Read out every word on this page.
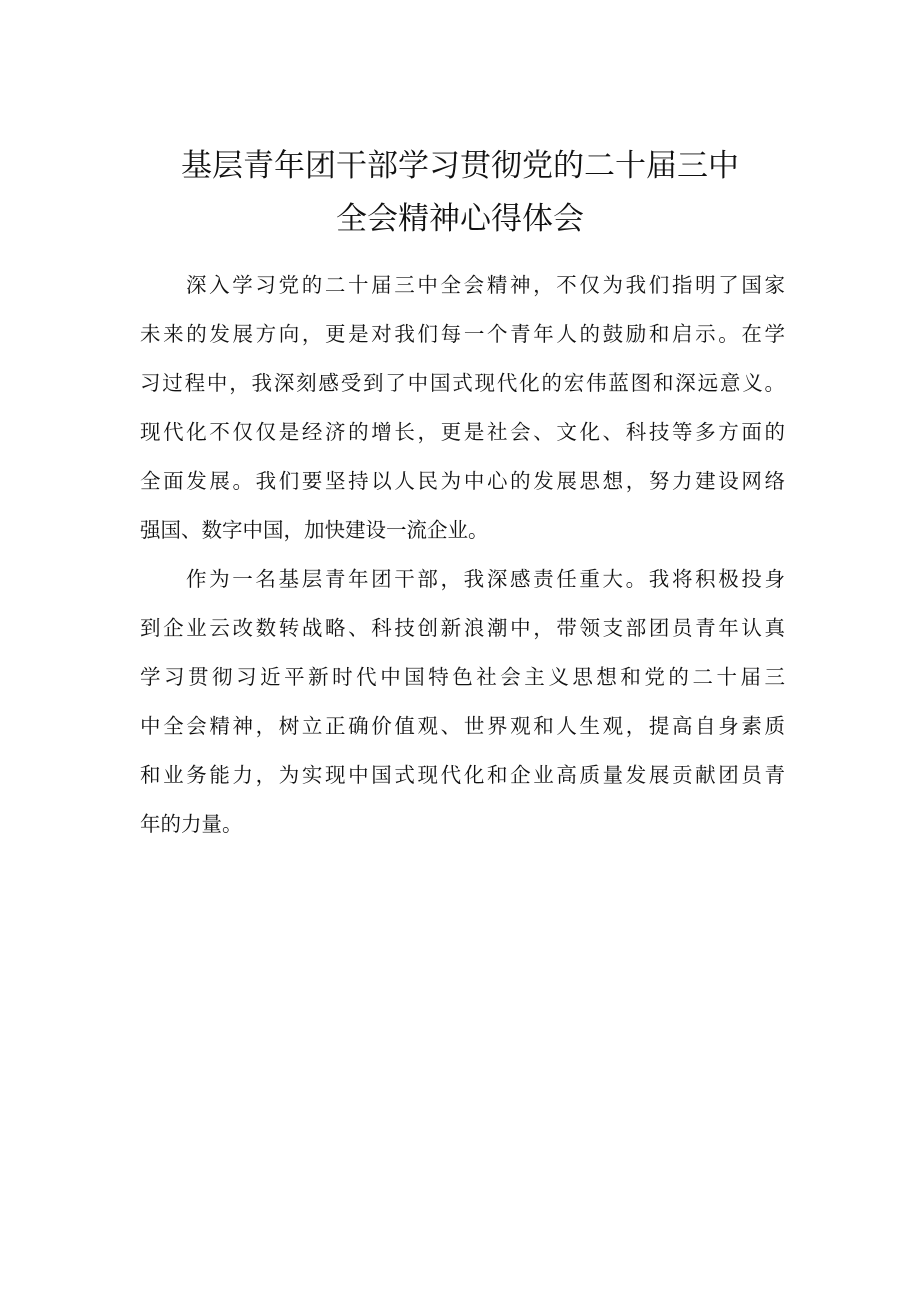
基层青年团干部学习贯彻党的二十届三中
全会精神心得体会
深入学习党的二十届三中全会精神，不仅为我们指明了国家
未来的发展方向，更是对我们每一个青年人的鼓励和启示。在学
习过程中，我深刻感受到了中国式现代化的宏伟蓝图和深远意义。
现代化不仅仅是经济的增长，更是社会、文化、科技等多方面的
全面发展。我们要坚持以人民为中心的发展思想，努力建设网络
强国、数字中国，加快建设一流企业。
作为一名基层青年团干部，我深感责任重大。我将积极投身
到企业云改数转战略、科技创新浪潮中，带领支部团员青年认真
学习贯彻习近平新时代中国特色社会主义思想和党的二十届三
中全会精神，树立正确价值观、世界观和人生观，提高自身素质
和业务能力，为实现中国式现代化和企业高质量发展贡献团员青
年的力量。
